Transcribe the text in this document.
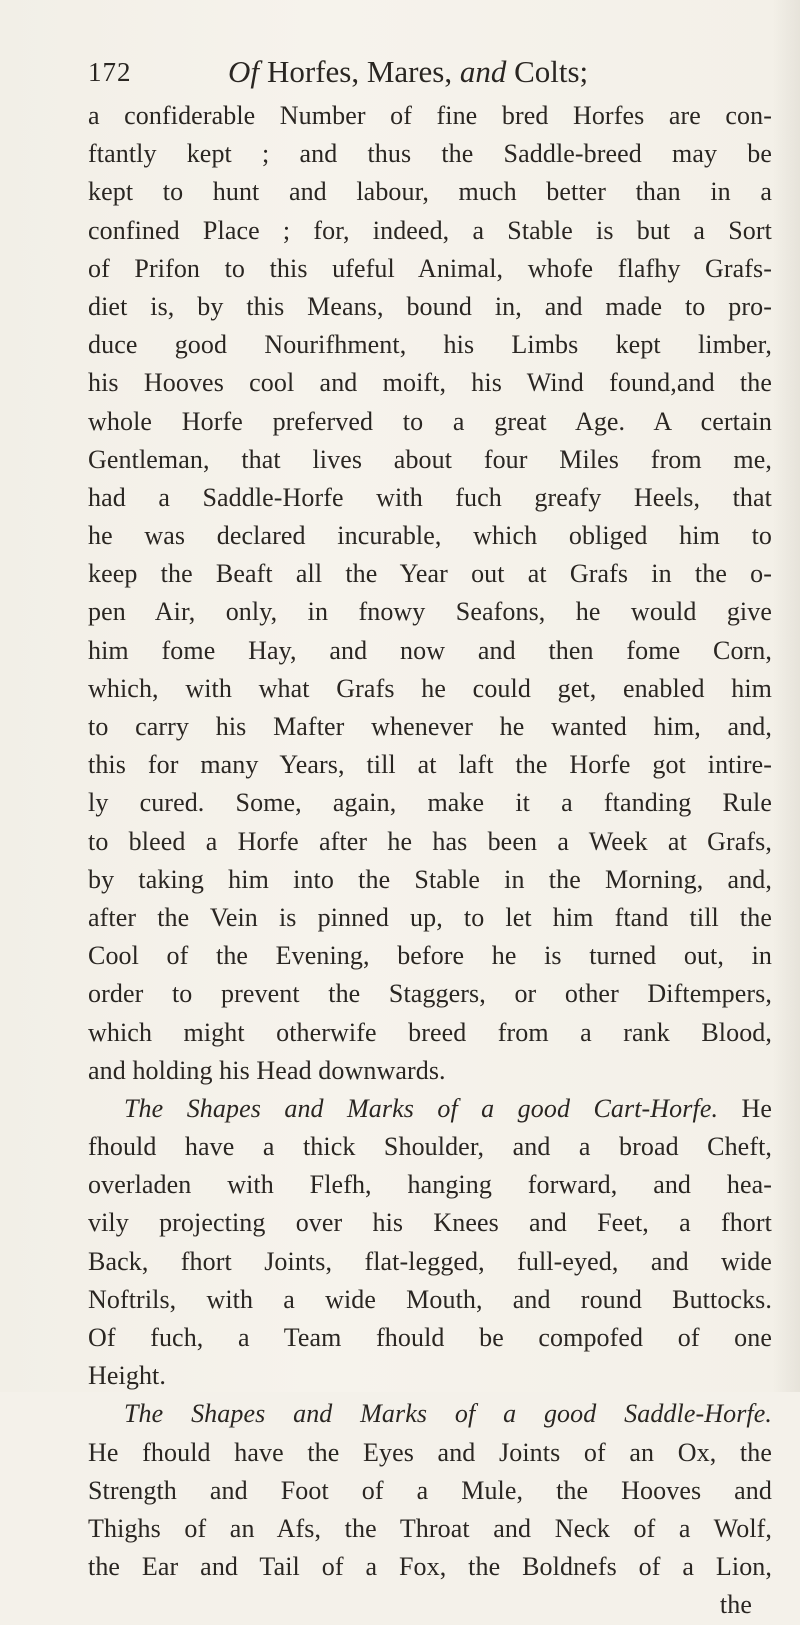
172	Of Horfes, Mares, and Colts;
a confiderable Number of fine bred Horfes are con-
ftantly kept ; and thus the Saddle-breed may be
kept to hunt and labour, much better than in a
confined Place ; for, indeed, a Stable is but a Sort
of Prifon to this ufeful Animal, whofe flafhy Grafs-
diet is, by this Means, bound in, and made to pro-
duce good Nourifhment, his Limbs kept limber,
his Hooves cool and moift, his Wind found,and the
whole Horfe preferved to a great Age. A certain
Gentleman, that lives about four Miles from me,
had a Saddle-Horfe with fuch greafy Heels, that
he was declared incurable, which obliged him to
keep the Beaft all the Year out at Grafs in the o-
pen Air, only, in fnowy Seafons, he would give
him fome Hay, and now and then fome Corn,
which, with what Grafs he could get, enabled him
to carry his Mafter whenever he wanted him, and,
this for many Years, till at laft the Horfe got intire-
ly cured. Some, again, make it a ftanding Rule
to bleed a Horfe after he has been a Week at Grafs,
by taking him into the Stable in the Morning, and,
after the Vein is pinned up, to let him ftand till the
Cool of the Evening, before he is turned out, in
order to prevent the Staggers, or other Diftempers,
which might otherwife breed from a rank Blood,
and holding his Head downwards.
The Shapes and Marks of a good Cart-Horfe. He
fhould have a thick Shoulder, and a broad Cheft,
overladen with Flefh, hanging forward, and hea-
vily projecting over his Knees and Feet, a fhort
Back, fhort Joints, flat-legged, full-eyed, and wide
Noftrils, with a wide Mouth, and round Buttocks.
Of fuch, a Team fhould be compofed of one
Height.
The Shapes and Marks of a good Saddle-Horfe.
He fhould have the Eyes and Joints of an Ox, the
Strength and Foot of a Mule, the Hooves and
Thighs of an Afs, the Throat and Neck of a Wolf,
the Ear and Tail of a Fox, the Boldnefs of a Lion,
the
